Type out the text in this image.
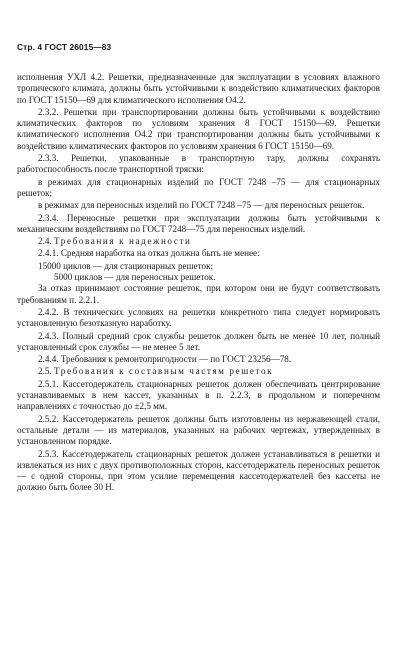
Стр. 4 ГОСТ 26015—83

исполнения УХЛ 4.2. Решетки, предназначенные для эксплуатации в условиях влажного тропического климата, должны быть устойчивыми к воздействию климатических факторов по ГОСТ 15150—69 для климатического исполнения О4.2.

2.3.2. Решетки при транспортировании должны быть устойчивыми к воздействию климатических факторов по условиям хранения 8 ГОСТ 15150—69. Решетки климатического исполнения О4.2 при транспортировании должны быть устойчивыми к воздействию климатических факторов по условиям хранения 6 ГОСТ 15150—69.

2.3.3. Решетки, упакованные в транспортную тару, должны сохранять работоспособность после транспортной тряски:

в режимах для стационарных изделий по ГОСТ 7248 –75 — для стационарных решеток;

в режимах для переносных изделий по ГОСТ 7248 –75 — для переносных решеток.

2.3.4. Переносные решетки при эксплуатации должны быть устойчивыми к механическим воздействиям по ГОСТ 7248—75 для переносных изделий.

2.4. Требования к надежности

2.4.1. Средняя наработка на отказ должна быть не менее:

15000 циклов — для стационарных решеток;

5000 циклов — для переносных решеток.

За отказ принимают состояние решеток, при котором они не будут соответствовать требованиям п. 2.2.1.

2.4.2. В технических условиях на решетки конкретного типа следует нормировать установленную безотказную наработку.

2.4.3. Полный средний срок службы решеток должен быть не менее 10 лет, полный установленный срок службы — не менее 5 лет.

2.4.4. Требования к ремонтопригодности — по ГОСТ 23256—78.

2.5. Требования к составным частям решеток

2.5.1. Кассетодержатель стационарных решеток должен обеспечивать центрирование устанавливаемых в нем кассет, указанных в п. 2.2.3, в продольном и поперечном направлениях с точностью до ±2,5 мм.

2.5.2. Кассетодержатель решеток должны быть изготовлены из нержавеющей стали, остальные детали — из материалов, указанных на рабочих чертежах, утвержденных в установленном порядке.

2.5.3. Кассетодержатель стационарных решеток должен устанавливаться в решетки и извлекаться из них с двух противоположных сторон, кассетодержатель переносных решеток — с одной стороны, при этом усилие перемещения кассетодержателей без кассеты не должно быть более 30 Н.
